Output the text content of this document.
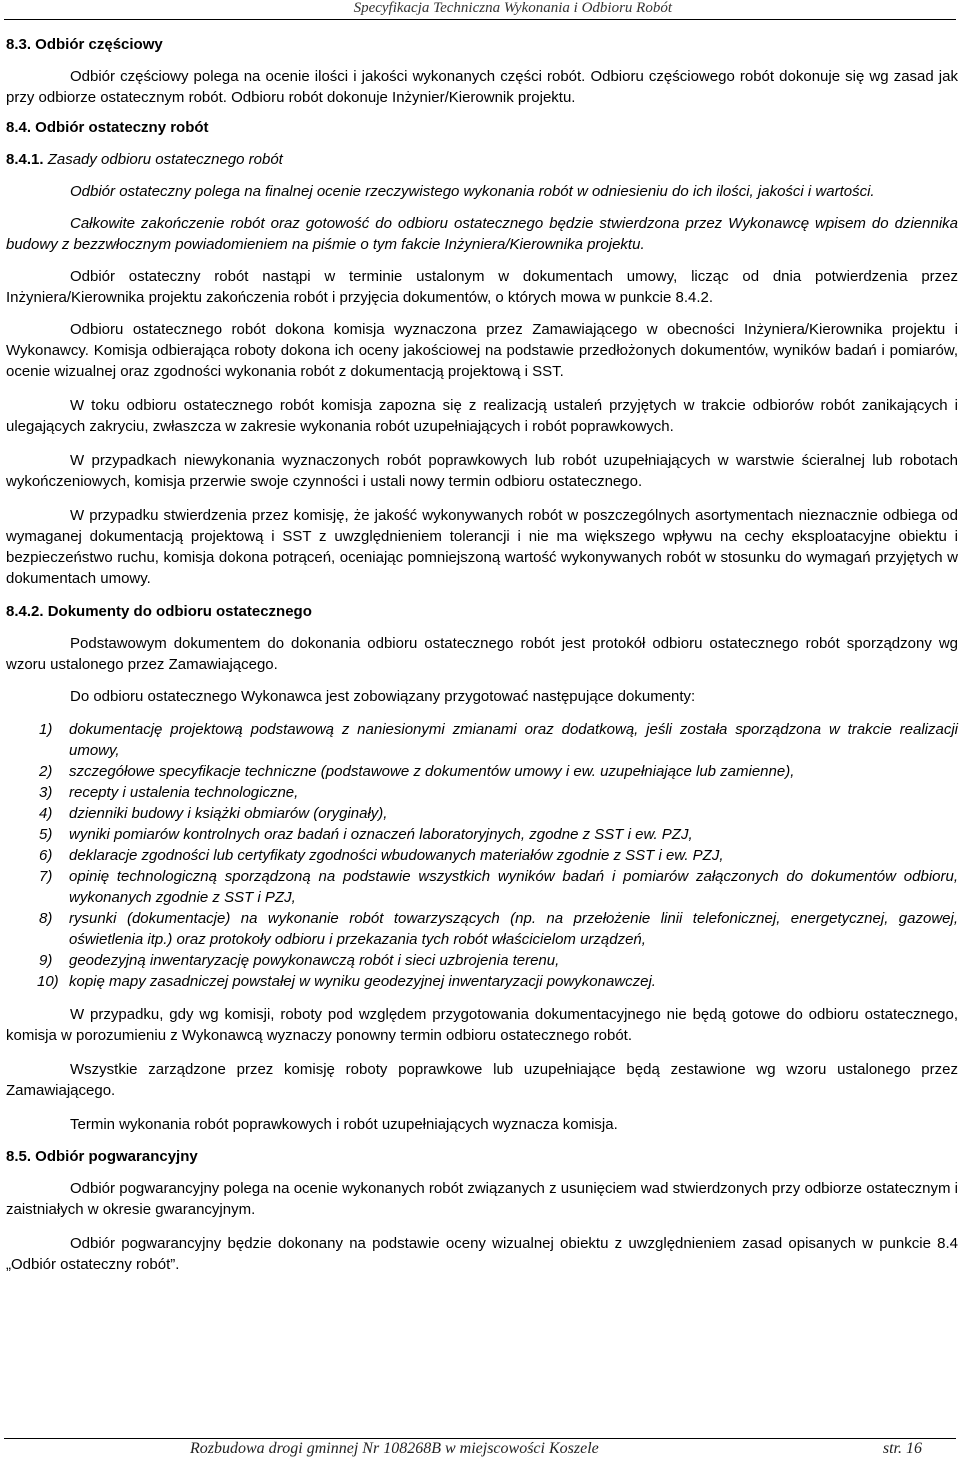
Specyfikacja Techniczna Wykonania i Odbioru Robót
8.3. Odbiór częściowy

Odbiór częściowy polega na ocenie ilości i jakości wykonanych części robót. Odbioru częściowego robót dokonuje się wg zasad jak przy odbiorze ostatecznym robót. Odbioru robót dokonuje Inżynier/Kierownik projektu.

8.4. Odbiór ostateczny robót
8.4.1. Zasady odbioru ostatecznego robót

Odbiór ostateczny polega na finalnej ocenie rzeczywistego wykonania robót w odniesieniu do ich ilości, jakości i wartości.

Całkowite zakończenie robót oraz gotowość do odbioru ostatecznego będzie stwierdzona przez Wykonawcę wpisem do dziennika budowy z bezzwłocznym powiadomieniem na piśmie o tym fakcie Inżyniera/Kierownika projektu.

Odbiór ostateczny robót nastąpi w terminie ustalonym w dokumentach umowy, licząc od dnia potwierdzenia przez Inżyniera/Kierownika projektu zakończenia robót i przyjęcia dokumentów, o których mowa w punkcie 8.4.2.

Odbioru ostatecznego robót dokona komisja wyznaczona przez Zamawiającego w obecności Inżyniera/Kierownika projektu i Wykonawcy. Komisja odbierająca roboty dokona ich oceny jakościowej na podstawie przedłożonych dokumentów, wyników badań i pomiarów, ocenie wizualnej oraz zgodności wykonania robót z dokumentacją projektową i SST.

W toku odbioru ostatecznego robót komisja zapozna się z realizacją ustaleń przyjętych w trakcie odbiorów robót zanikających i ulegających zakryciu, zwłaszcza w zakresie wykonania robót uzupełniających i robót poprawkowych.

W przypadkach niewykonania wyznaczonych robót poprawkowych lub robót uzupełniających w warstwie ścieralnej lub robotach wykończeniowych, komisja przerwie swoje czynności i ustali nowy termin odbioru ostatecznego.

W przypadku stwierdzenia przez komisję, że jakość wykonywanych robót w poszczególnych asortymentach nieznacznie odbiega od wymaganej dokumentacją projektową i SST z uwzględnieniem tolerancji i nie ma większego wpływu na cechy eksploatacyjne obiektu i bezpieczeństwo ruchu, komisja dokona potrąceń, oceniając pomniejszoną wartość wykonywanych robót w stosunku do wymagań przyjętych w dokumentach umowy.

8.4.2. Dokumenty do odbioru ostatecznego

Podstawowym dokumentem do dokonania odbioru ostatecznego robót jest protokół odbioru ostatecznego robót sporządzony wg wzoru ustalonego przez Zamawiającego.

Do odbioru ostatecznego Wykonawca jest zobowiązany przygotować następujące dokumenty:

1) dokumentację projektową podstawową z naniesionymi zmianami oraz dodatkową, jeśli została sporządzona w trakcie realizacji umowy,
2) szczegółowe specyfikacje techniczne (podstawowe z dokumentów umowy i ew. uzupełniające lub zamienne),
3) recepty i ustalenia technologiczne,
4) dzienniki budowy i książki obmiarów (oryginały),
5) wyniki pomiarów kontrolnych oraz badań i oznaczeń laboratoryjnych, zgodne z SST i ew. PZJ,
6) deklaracje zgodności lub certyfikaty zgodności wbudowanych materiałów zgodnie z SST i ew. PZJ,
7) opinię technologiczną sporządzoną na podstawie wszystkich wyników badań i pomiarów załączonych do dokumentów odbioru, wykonanych zgodnie z SST i PZJ,
8) rysunki (dokumentacje) na wykonanie robót towarzyszących (np. na przełożenie linii telefonicznej, energetycznej, gazowej, oświetlenia itp.) oraz protokoły odbioru i przekazania tych robót właścicielom urządzeń,
9) geodezyjną inwentaryzację powykonawczą robót i sieci uzbrojenia terenu,
10) kopię mapy zasadniczej powstałej w wyniku geodezyjnej inwentaryzacji powykonawczej.

W przypadku, gdy wg komisji, roboty pod względem przygotowania dokumentacyjnego nie będą gotowe do odbioru ostatecznego, komisja w porozumieniu z Wykonawcą wyznaczy ponowny termin odbioru ostatecznego robót.

Wszystkie zarządzone przez komisję roboty poprawkowe lub uzupełniające będą zestawione wg wzoru ustalonego przez Zamawiającego.

Termin wykonania robót poprawkowych i robót uzupełniających wyznacza komisja.

8.5. Odbiór pogwarancyjny

Odbiór pogwarancyjny polega na ocenie wykonanych robót związanych z usunięciem wad stwierdzonych przy odbiorze ostatecznym i zaistniałych w okresie gwarancyjnym.

Odbiór pogwarancyjny będzie dokonany na podstawie oceny wizualnej obiektu z uwzględnieniem zasad opisanych w punkcie 8.4 „Odbiór ostateczny robót”.

Rozbudowa drogi gminnej Nr 108268B w miejscowości Koszele	str. 16
